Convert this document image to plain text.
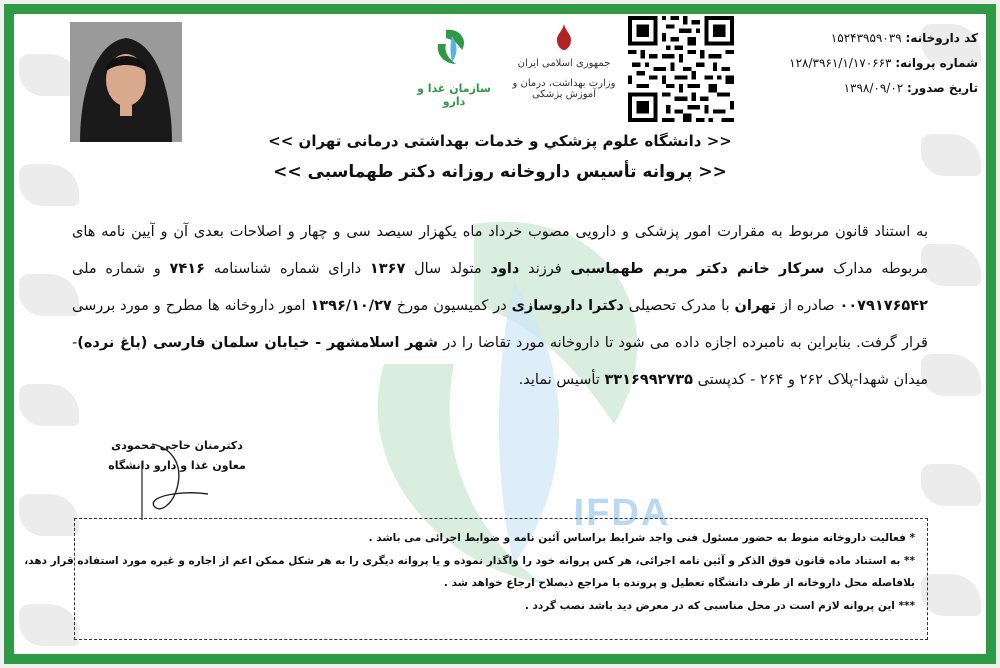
IFDA
سازمان غذا و دارو
جمهوری اسلامی ایران
وزارت بهداشت، درمان و آموزش پزشکی
کد داروخانه: ۱۵۲۴۳۹۵۹۰۳۹
شماره پروانه: ۱۲۸/۳۹۶۱/۱/۱۷۰۶۶۳
تاریخ صدور: ۱۳۹۸/۰۹/۰۲
<< دانشگاه علوم پزشکي و خدمات بهداشتی درمانی تهران >>
<< پروانه تأسیس داروخانه روزانه دکتر طهماسبی >>
به استناد قانون مربوط به مقرارت امور پزشکی و دارویی مصوب خرداد ماه یکهزار سیصد سی و چهار و اصلاحات بعدی آن و آیین نامه های مربوطه مدارک سرکار خانم دکتر مریم طهماسبی فرزند داود متولد سال ۱۳۶۷ دارای شماره شناسنامه ۷۴۱۶ و شماره ملی ۰۰۷۹۱۷۶۵۴۲ صادره از تهران با مدرک تحصیلی دکترا داروسازی در کمیسیون مورخ ۱۳۹۶/۱۰/۲۷ امور داروخانه ها مطرح و مورد بررسی قرار گرفت. بنابراین به نامبرده اجازه داده می شود تا داروخانه مورد تقاضا را در شهر اسلامشهر - خیابان سلمان فارسی (باغ نرده)-میدان شهدا-پلاک ۲۶۲ و ۲۶۴ - کدپستی ۳۳۱۶۹۹۲۷۳۵ تأسیس نماید.
دکترمنان حاجی محمودی
معاون غذا و دارو دانشگاه
* فعالیت داروخانه منوط به حضور مسئول فنی واجد شرایط براساس آئین نامه و ضوابط اجرائی می باشد .
** به استناد ماده قانون فوق الذکر و آئین نامه اجرائی، هر کس پروانه خود را واگذار نموده و یا پروانه دیگری را به هر شکل ممکن اعم از اجاره و غیره مورد استفاده قرار دهد،
بلافاصله محل داروخانه از طرف دانشگاه تعطیل و پرونده با مراجع ذیصلاح ارجاع خواهد شد .
*** این پروانه لازم است در محل مناسبی که در معرض دید باشد نصب گردد .
